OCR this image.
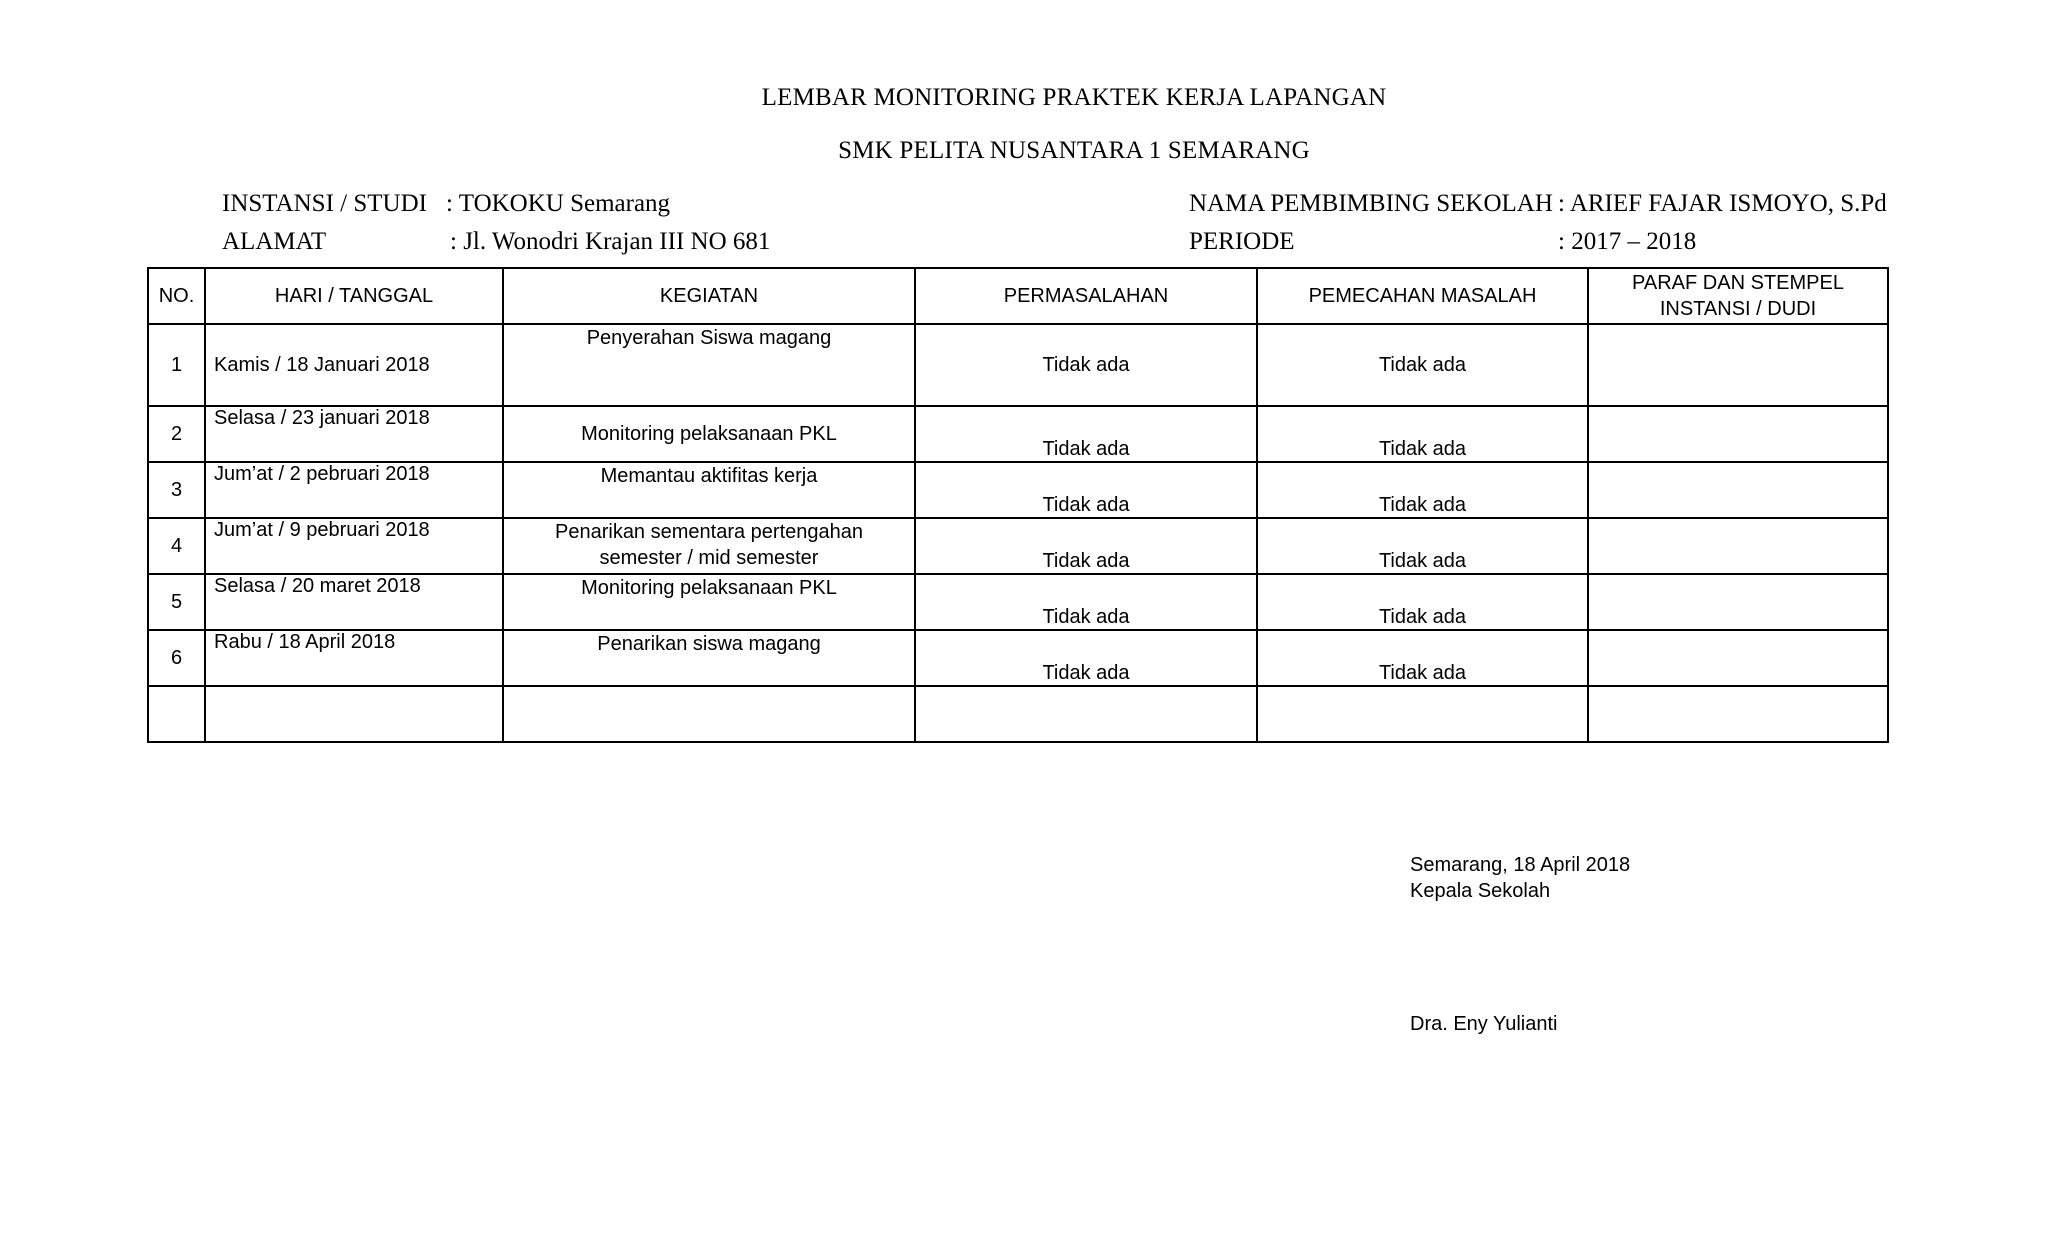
LEMBAR MONITORING PRAKTEK KERJA LAPANGAN
SMK PELITA NUSANTARA 1 SEMARANG
INSTANSI / STUDI : TOKOKU Semarang
ALAMAT	: Jl. Wonodri Krajan III NO 681
NAMA PEMBIMBING SEKOLAH : ARIEF FAJAR ISMOYO, S.Pd
PERIODE	: 2017 – 2018
NO.	HARI / TANGGAL	KEGIATAN	PERMASALAHAN	PEMECAHAN MASALAH	PARAF DAN STEMPEL INSTANSI / DUDI
1	Kamis / 18 Januari 2018	Penyerahan Siswa magang	Tidak ada	Tidak ada	
2	Selasa / 23 januari 2018	Monitoring pelaksanaan PKL	Tidak ada	Tidak ada	
3	Jum’at / 2 pebruari 2018	Memantau aktifitas kerja	Tidak ada	Tidak ada	
4	Jum’at / 9 pebruari 2018	Penarikan sementara pertengahan semester / mid semester	Tidak ada	Tidak ada	
5	Selasa / 20 maret 2018	Monitoring pelaksanaan PKL	Tidak ada	Tidak ada	
6	Rabu / 18 April 2018	Penarikan siswa magang	Tidak ada	Tidak ada	

Semarang, 18 April 2018
Kepala Sekolah
Dra. Eny Yulianti
